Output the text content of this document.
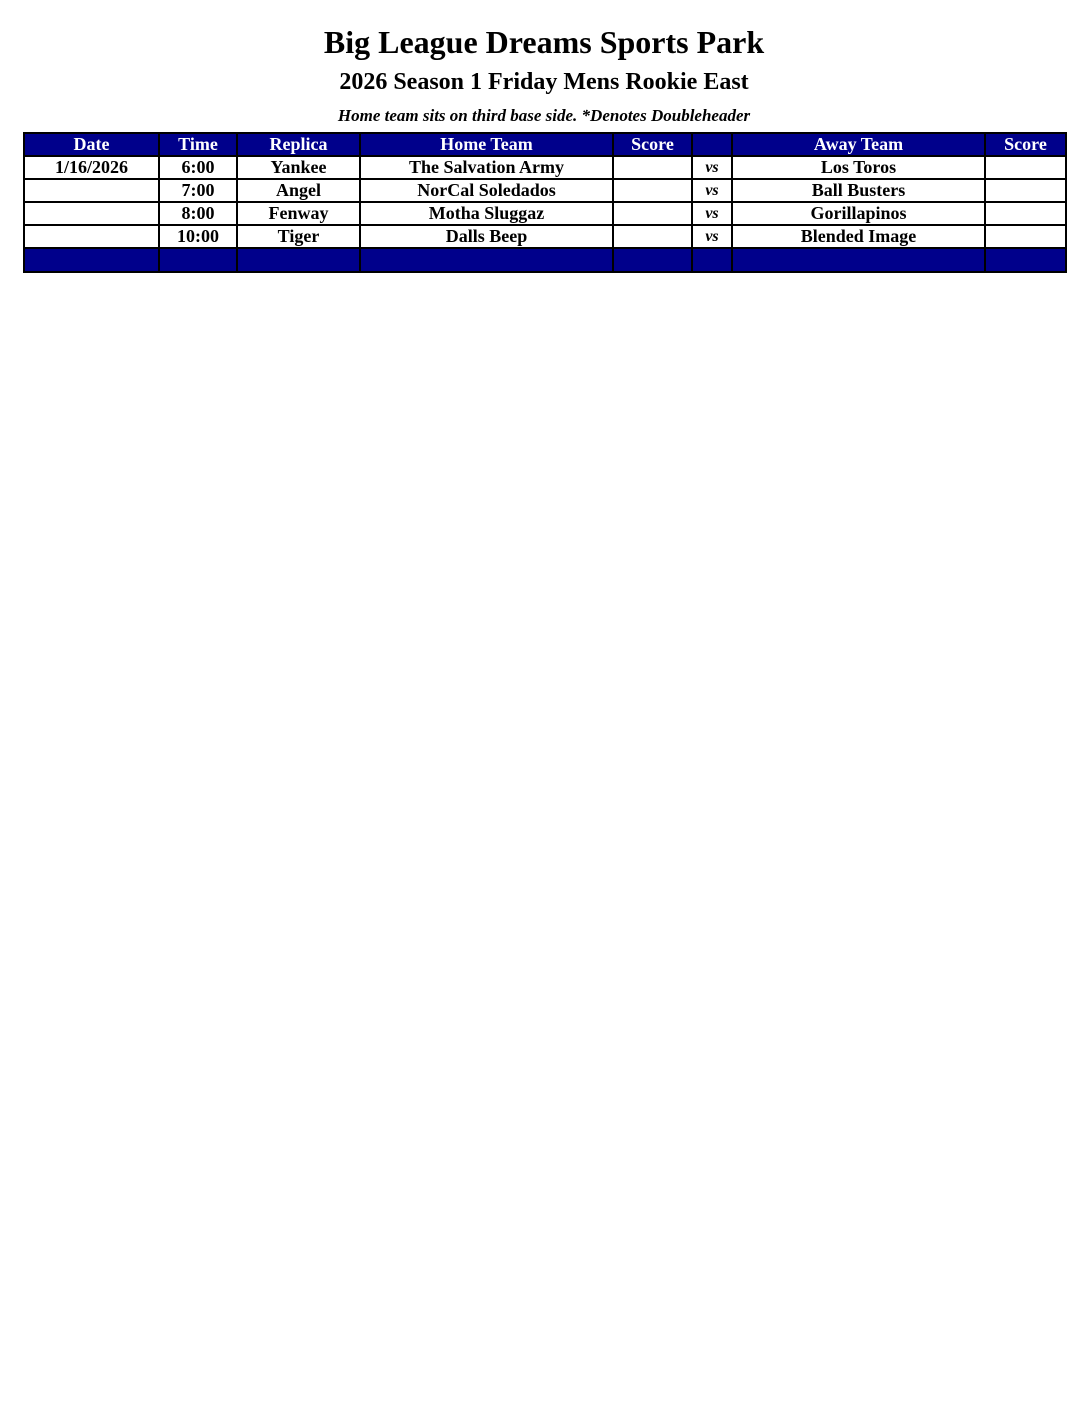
Big League Dreams Sports Park
2026 Season 1 Friday Mens Rookie East
Home team sits on third base side. *Denotes Doubleheader
Date	Time	Replica	Home Team	Score		Away Team	Score
1/16/2026	6:00	Yankee	The Salvation Army		vs	Los Toros	
	7:00	Angel	NorCal Soledados		vs	Ball Busters	
	8:00	Fenway	Motha Sluggaz		vs	Gorillapinos	
	10:00	Tiger	Dalls Beep		vs	Blended Image	
